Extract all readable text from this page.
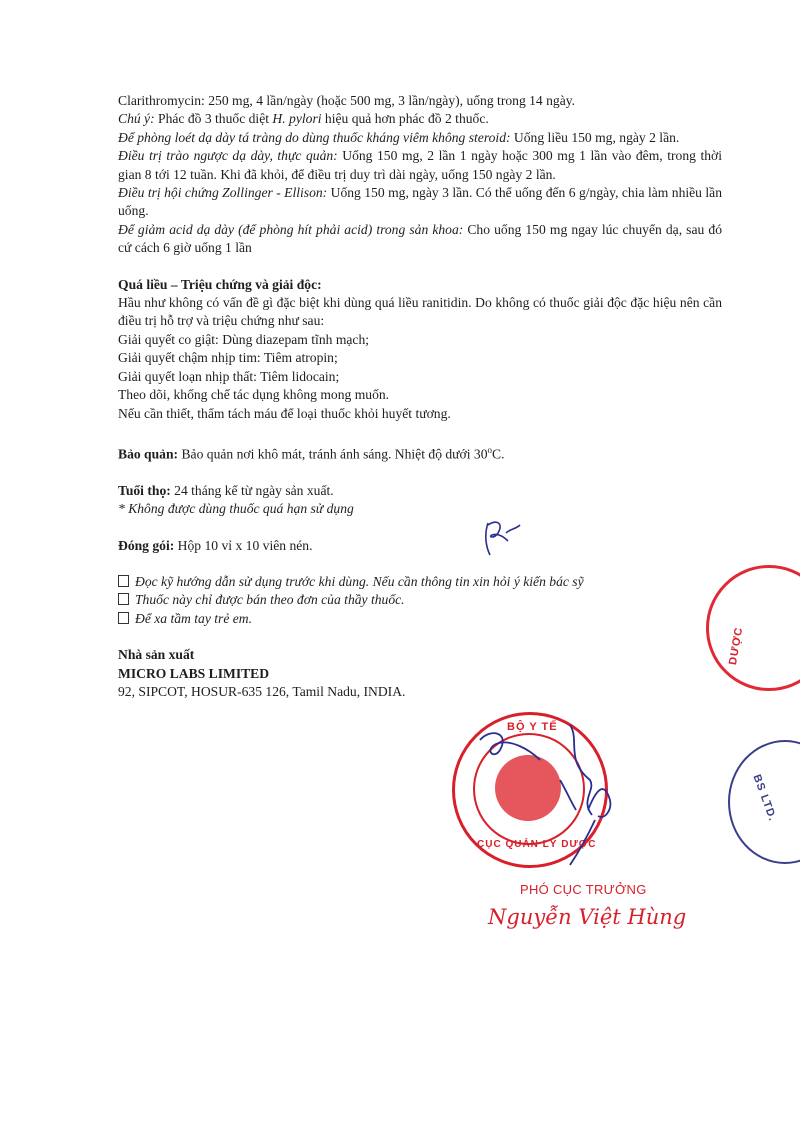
Clarithromycin: 250 mg, 4 lần/ngày (hoặc 500 mg, 3 lần/ngày), uống trong 14 ngày.

Chú ý: Phác đồ 3 thuốc diệt H. pylori hiệu quả hơn phác đồ 2 thuốc.

Để phòng loét dạ dày tá tràng do dùng thuốc kháng viêm không steroid: Uống liều 150 mg, ngày 2 lần.

Điều trị trào ngược dạ dày, thực quản: Uống 150 mg, 2 lần 1 ngày hoặc 300 mg 1 lần vào đêm, trong thời gian 8 tới 12 tuần. Khi đã khỏi, để điều trị duy trì dài ngày, uống 150 ngày 2 lần.

Điều trị hội chứng Zollinger - Ellison: Uống 150 mg, ngày 3 lần. Có thể uống đến 6 g/ngày, chia làm nhiều lần uống.

Để giảm acid dạ dày (để phòng hít phải acid) trong sản khoa: Cho uống 150 mg ngay lúc chuyển dạ, sau đó cứ cách 6 giờ uống 1 lần

Quá liều – Triệu chứng và giải độc:

Hầu như không có vấn đề gì đặc biệt khi dùng quá liều ranitidin. Do không có thuốc giải độc đặc hiệu nên cần điều trị hỗ trợ và triệu chứng như sau:

Giải quyết co giật: Dùng diazepam tĩnh mạch;

Giải quyết chậm nhịp tim: Tiêm atropin;

Giải quyết loạn nhịp thất: Tiêm lidocain;

Theo dõi, khống chế tác dụng không mong muốn.

Nếu cần thiết, thẩm tách máu để loại thuốc khỏi huyết tương.

Bảo quản: Bảo quản nơi khô mát, tránh ánh sáng. Nhiệt độ dưới 30$^o$C.

Tuổi thọ: 24 tháng kể từ ngày sản xuất.

* Không được dùng thuốc quá hạn sử dụng

Đóng gói: Hộp 10 vỉ x 10 viên nén.

Đọc kỹ hướng dẫn sử dụng trước khi dùng. Nếu cần thông tin xin hỏi ý kiến bác sỹ

Thuốc này chỉ được bán theo đơn của thầy thuốc.

Để xa tầm tay trẻ em.

Nhà sản xuất

MICRO LABS LIMITED

92, SIPCOT, HOSUR-635 126, Tamil Nadu, INDIA.

DƯỢC
BỘ Y TẾ
CỤC QUẢN LÝ DƯỢC
BS LTD.
PHÓ CỤC TRƯỞNG
Nguyễn Việt Hùng
